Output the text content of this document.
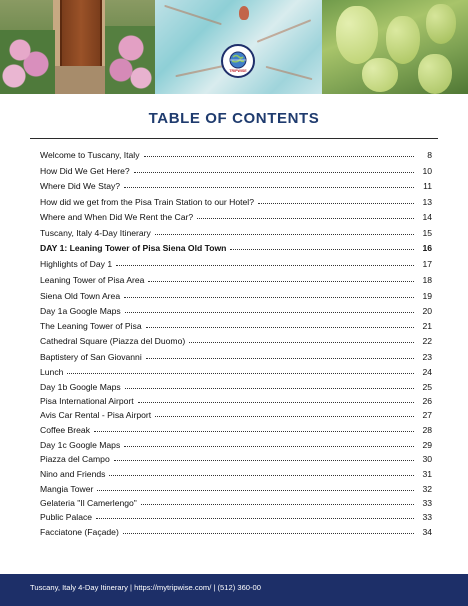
TRIPWISE
TABLE OF CONTENTS
Welcome to Tuscany, Italy	8
How Did We Get Here?	10
Where Did We Stay?	11
How did we get from the Pisa Train Station to our Hotel?	13
Where and When Did We Rent the Car?	14
Tuscany, Italy 4-Day Itinerary	15
DAY 1: Leaning Tower of Pisa Siena Old Town	16
Highlights of Day 1	17
Leaning Tower of Pisa Area	18
Siena Old Town Area	19
Day 1a Google Maps	20
The Leaning Tower of Pisa	21
Cathedral Square (Piazza del Duomo)	22
Baptistery of San Giovanni	23
Lunch	24
Day 1b Google Maps	25
Pisa International Airport	26
Avis Car Rental - Pisa Airport	27
Coffee Break	28
Day 1c Google Maps	29
Piazza del Campo	30
Nino and Friends	31
Mangia Tower	32
Gelateria "Il Camerlengo"	33
Public Palace	33
Facciatone (Façade)	34
Tuscany, Italy 4-Day Itinerary | https://mytripwise.com/ | (512) 360-00
